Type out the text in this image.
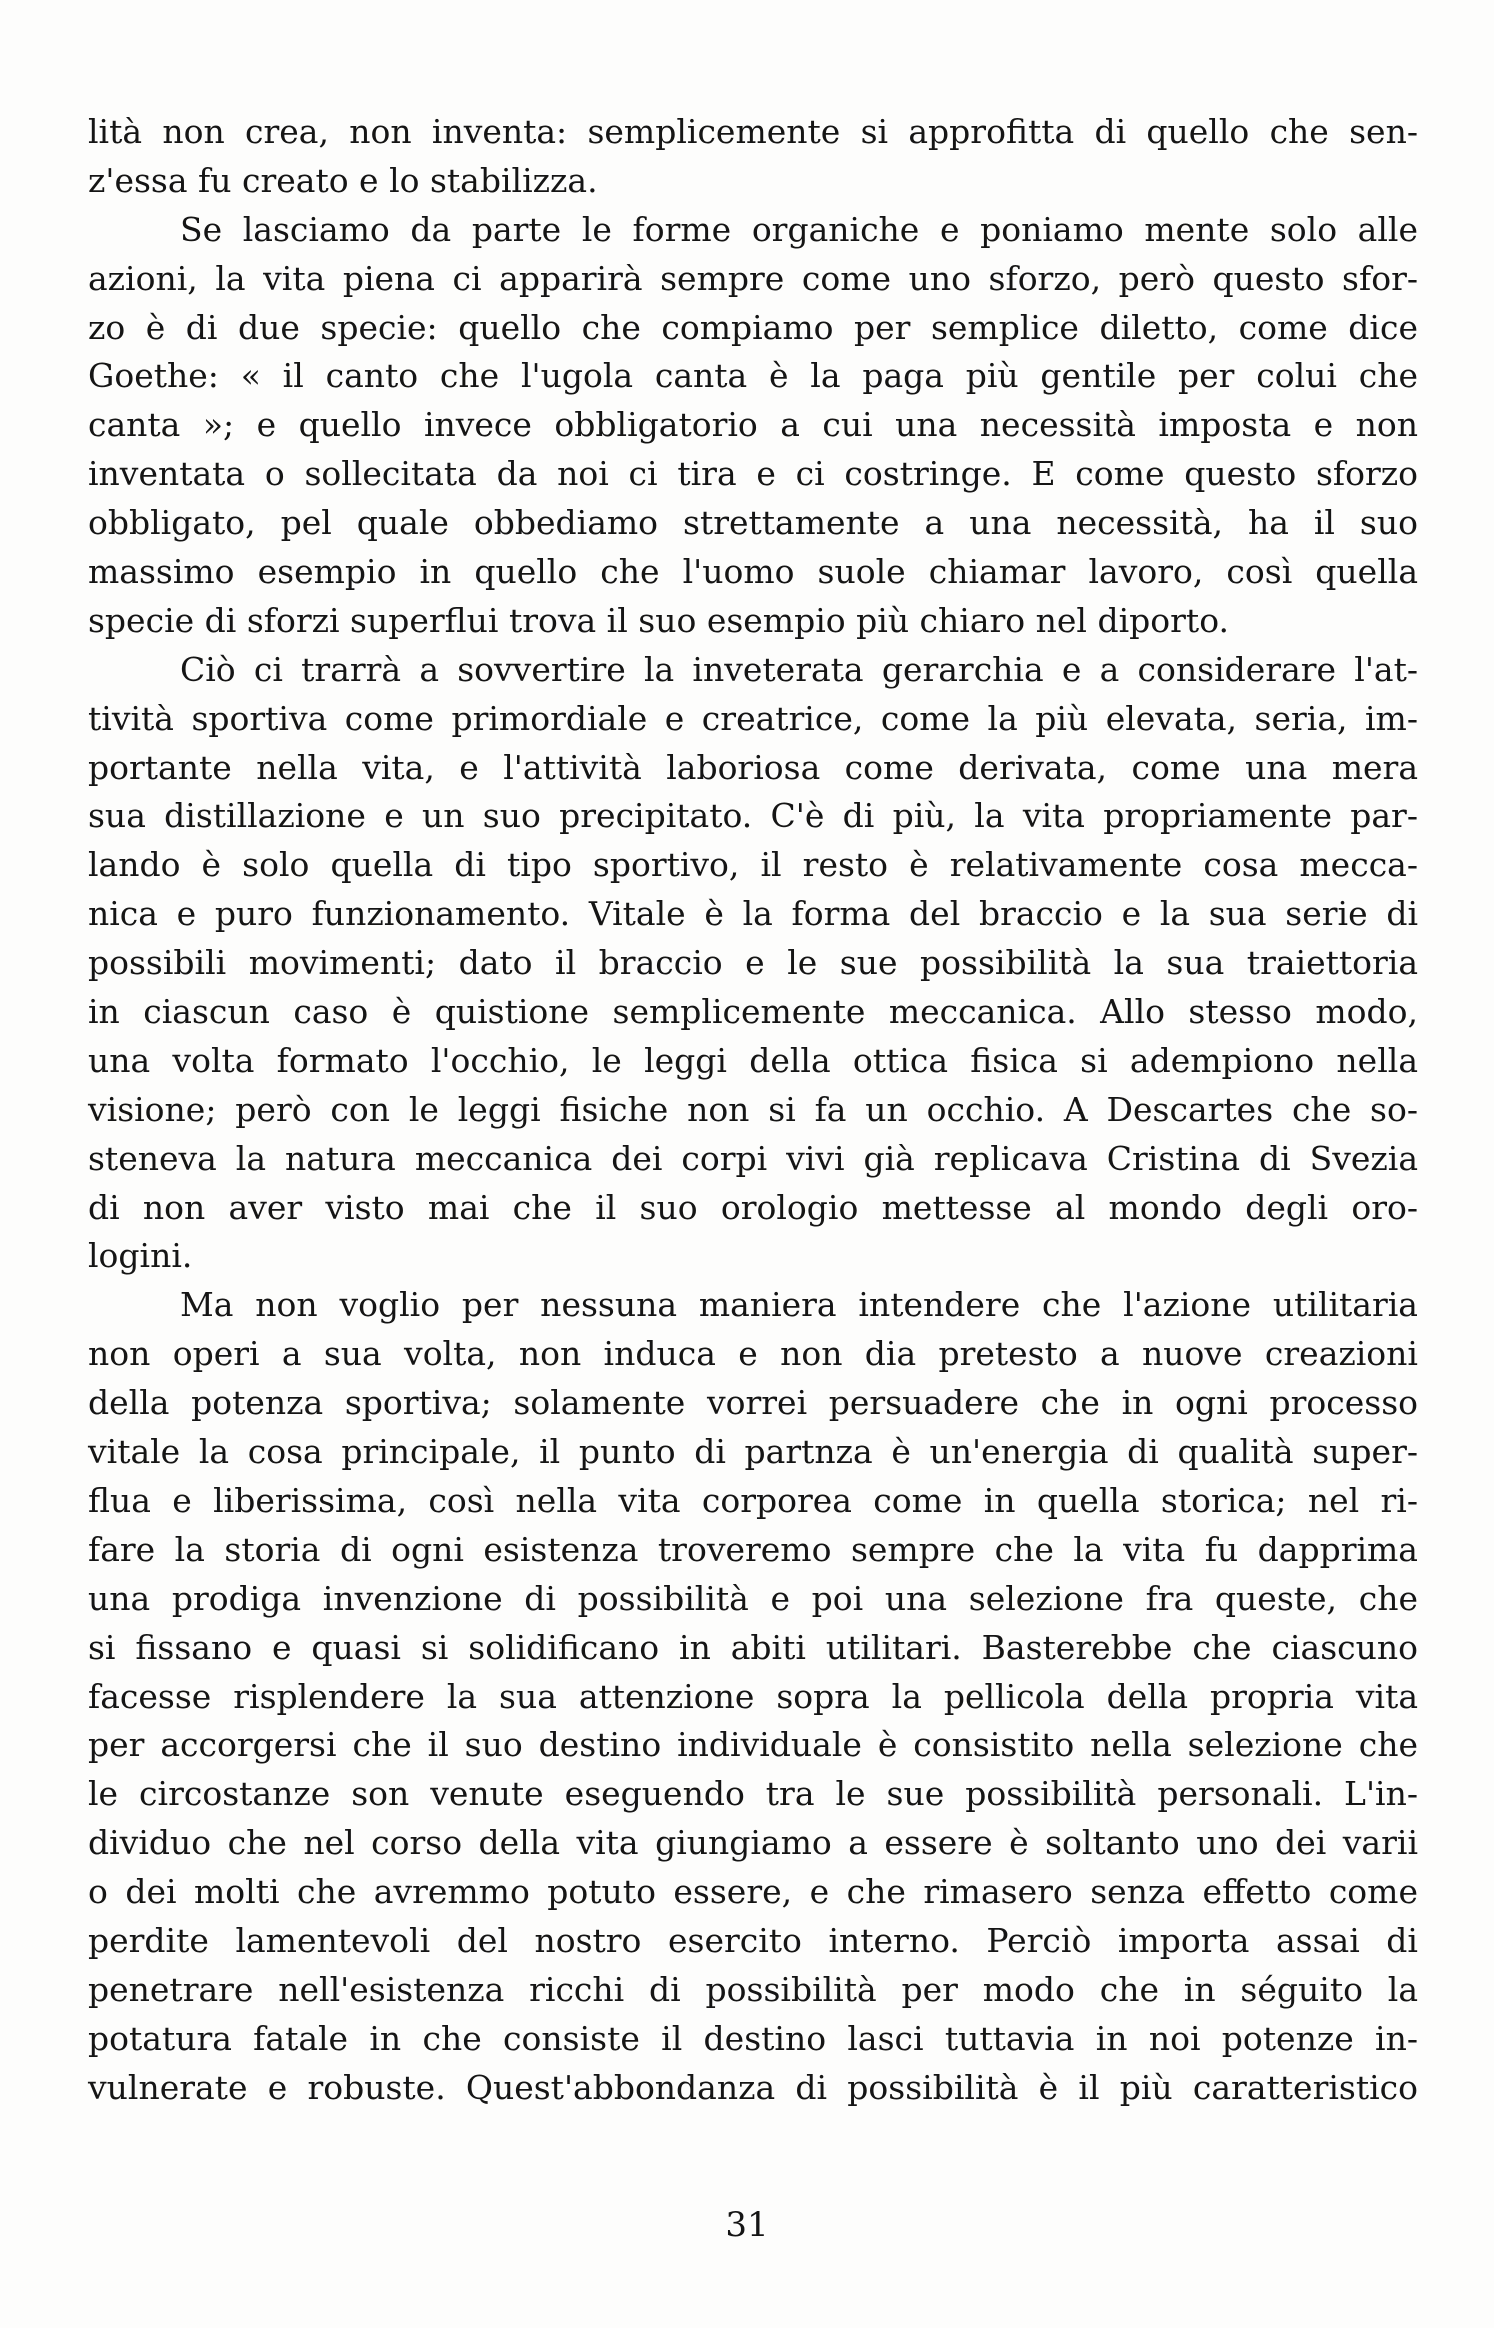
lità non crea, non inventa: semplicemente si approfitta di quello che sen-
z'essa fu creato e lo stabilizza.
Se lasciamo da parte le forme organiche e poniamo mente solo alle
azioni, la vita piena ci apparirà sempre come uno sforzo, però questo sfor-
zo è di due specie: quello che compiamo per semplice diletto, come dice
Goethe: « il canto che l'ugola canta è la paga più gentile per colui che
canta »; e quello invece obbligatorio a cui una necessità imposta e non
inventata o sollecitata da noi ci tira e ci costringe. E come questo sforzo
obbligato, pel quale obbediamo strettamente a una necessità, ha il suo
massimo esempio in quello che l'uomo suole chiamar lavoro, così quella
specie di sforzi superflui trova il suo esempio più chiaro nel diporto.
Ciò ci trarrà a sovvertire la inveterata gerarchia e a considerare l'at-
tività sportiva come primordiale e creatrice, come la più elevata, seria, im-
portante nella vita, e l'attività laboriosa come derivata, come una mera
sua distillazione e un suo precipitato. C'è di più, la vita propriamente par-
lando è solo quella di tipo sportivo, il resto è relativamente cosa mecca-
nica e puro funzionamento. Vitale è la forma del braccio e la sua serie di
possibili movimenti; dato il braccio e le sue possibilità la sua traiettoria
in ciascun caso è quistione semplicemente meccanica. Allo stesso modo,
una volta formato l'occhio, le leggi della ottica fisica si adempiono nella
visione; però con le leggi fisiche non si fa un occhio. A Descartes che so-
steneva la natura meccanica dei corpi vivi già replicava Cristina di Svezia
di non aver visto mai che il suo orologio mettesse al mondo degli oro-
logini.
Ma non voglio per nessuna maniera intendere che l'azione utilitaria
non operi a sua volta, non induca e non dia pretesto a nuove creazioni
della potenza sportiva; solamente vorrei persuadere che in ogni processo
vitale la cosa principale, il punto di partnza è un'energia di qualità super-
flua e liberissima, così nella vita corporea come in quella storica; nel ri-
fare la storia di ogni esistenza troveremo sempre che la vita fu dapprima
una prodiga invenzione di possibilità e poi una selezione fra queste, che
si fissano e quasi si solidificano in abiti utilitari. Basterebbe che ciascuno
facesse risplendere la sua attenzione sopra la pellicola della propria vita
per accorgersi che il suo destino individuale è consistito nella selezione che
le circostanze son venute eseguendo tra le sue possibilità personali. L'in-
dividuo che nel corso della vita giungiamo a essere è soltanto uno dei varii
o dei molti che avremmo potuto essere, e che rimasero senza effetto come
perdite lamentevoli del nostro esercito interno. Perciò importa assai di
penetrare nell'esistenza ricchi di possibilità per modo che in séguito la
potatura fatale in che consiste il destino lasci tuttavia in noi potenze in-
vulnerate e robuste. Quest'abbondanza di possibilità è il più caratteristico
31
